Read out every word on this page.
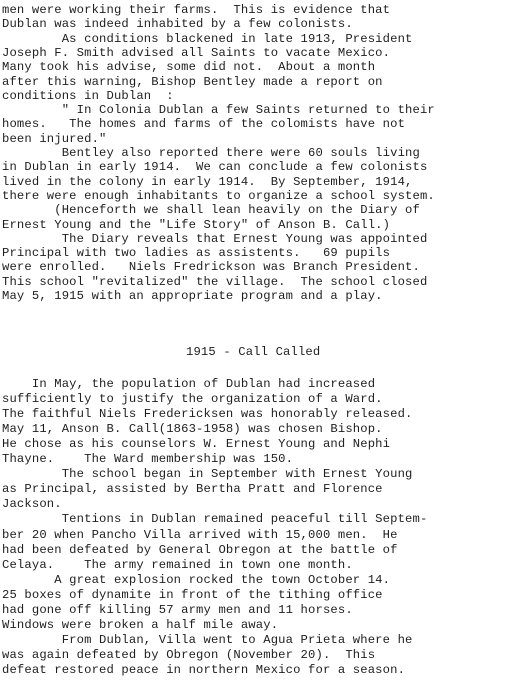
men were working their farms.  This is evidence that
Dublan was indeed inhabited by a few colonists.
As conditions blackened in late 1913, President
Joseph F. Smith advised all Saints to vacate Mexico.
Many took his advise, some did not.  About a month
after this warning, Bishop Bentley made a report on
conditions in Dublan  :
" In Colonia Dublan a few Saints returned to their
homes.   The homes and farms of the colomists have not
been injured."
Bentley also reported there were 60 souls living
in Dublan in early 1914.  We can conclude a few colonists
lived in the colony in early 1914.  By September, 1914,
there were enough inhabitants to organize a school system.
(Henceforth we shall lean heavily on the Diary of
Ernest Young and the "Life Story" of Anson B. Call.)
The Diary reveals that Ernest Young was appointed
Principal with two ladies as assistents.   69 pupils
were enrolled.   Niels Fredrickson was Branch President.
This school "revitalized" the village.  The school closed
May 5, 1915 with an appropriate program and a play.
1915 - Call Called
In May, the population of Dublan had increased
sufficiently to justify the organization of a Ward.
The faithful Niels Fredericksen was honorably released.
May 11, Anson B. Call(1863-1958) was chosen Bishop.
He chose as his counselors W. Ernest Young and Nephi
Thayne.    The Ward membership was 150.
The school began in September with Ernest Young
as Principal, assisted by Bertha Pratt and Florence
Jackson.
Tentions in Dublan remained peaceful till Septem-
ber 20 when Pancho Villa arrived with 15,000 men.  He
had been defeated by General Obregon at the battle of
Celaya.    The army remained in town one month.
A great explosion rocked the town October 14.
25 boxes of dynamite in front of the tithing office
had gone off killing 57 army men and 11 horses.
Windows were broken a half mile away.
From Dublan, Villa went to Agua Prieta where he
was again defeated by Obregon (November 20).  This
defeat restored peace in northern Mexico for a season.
